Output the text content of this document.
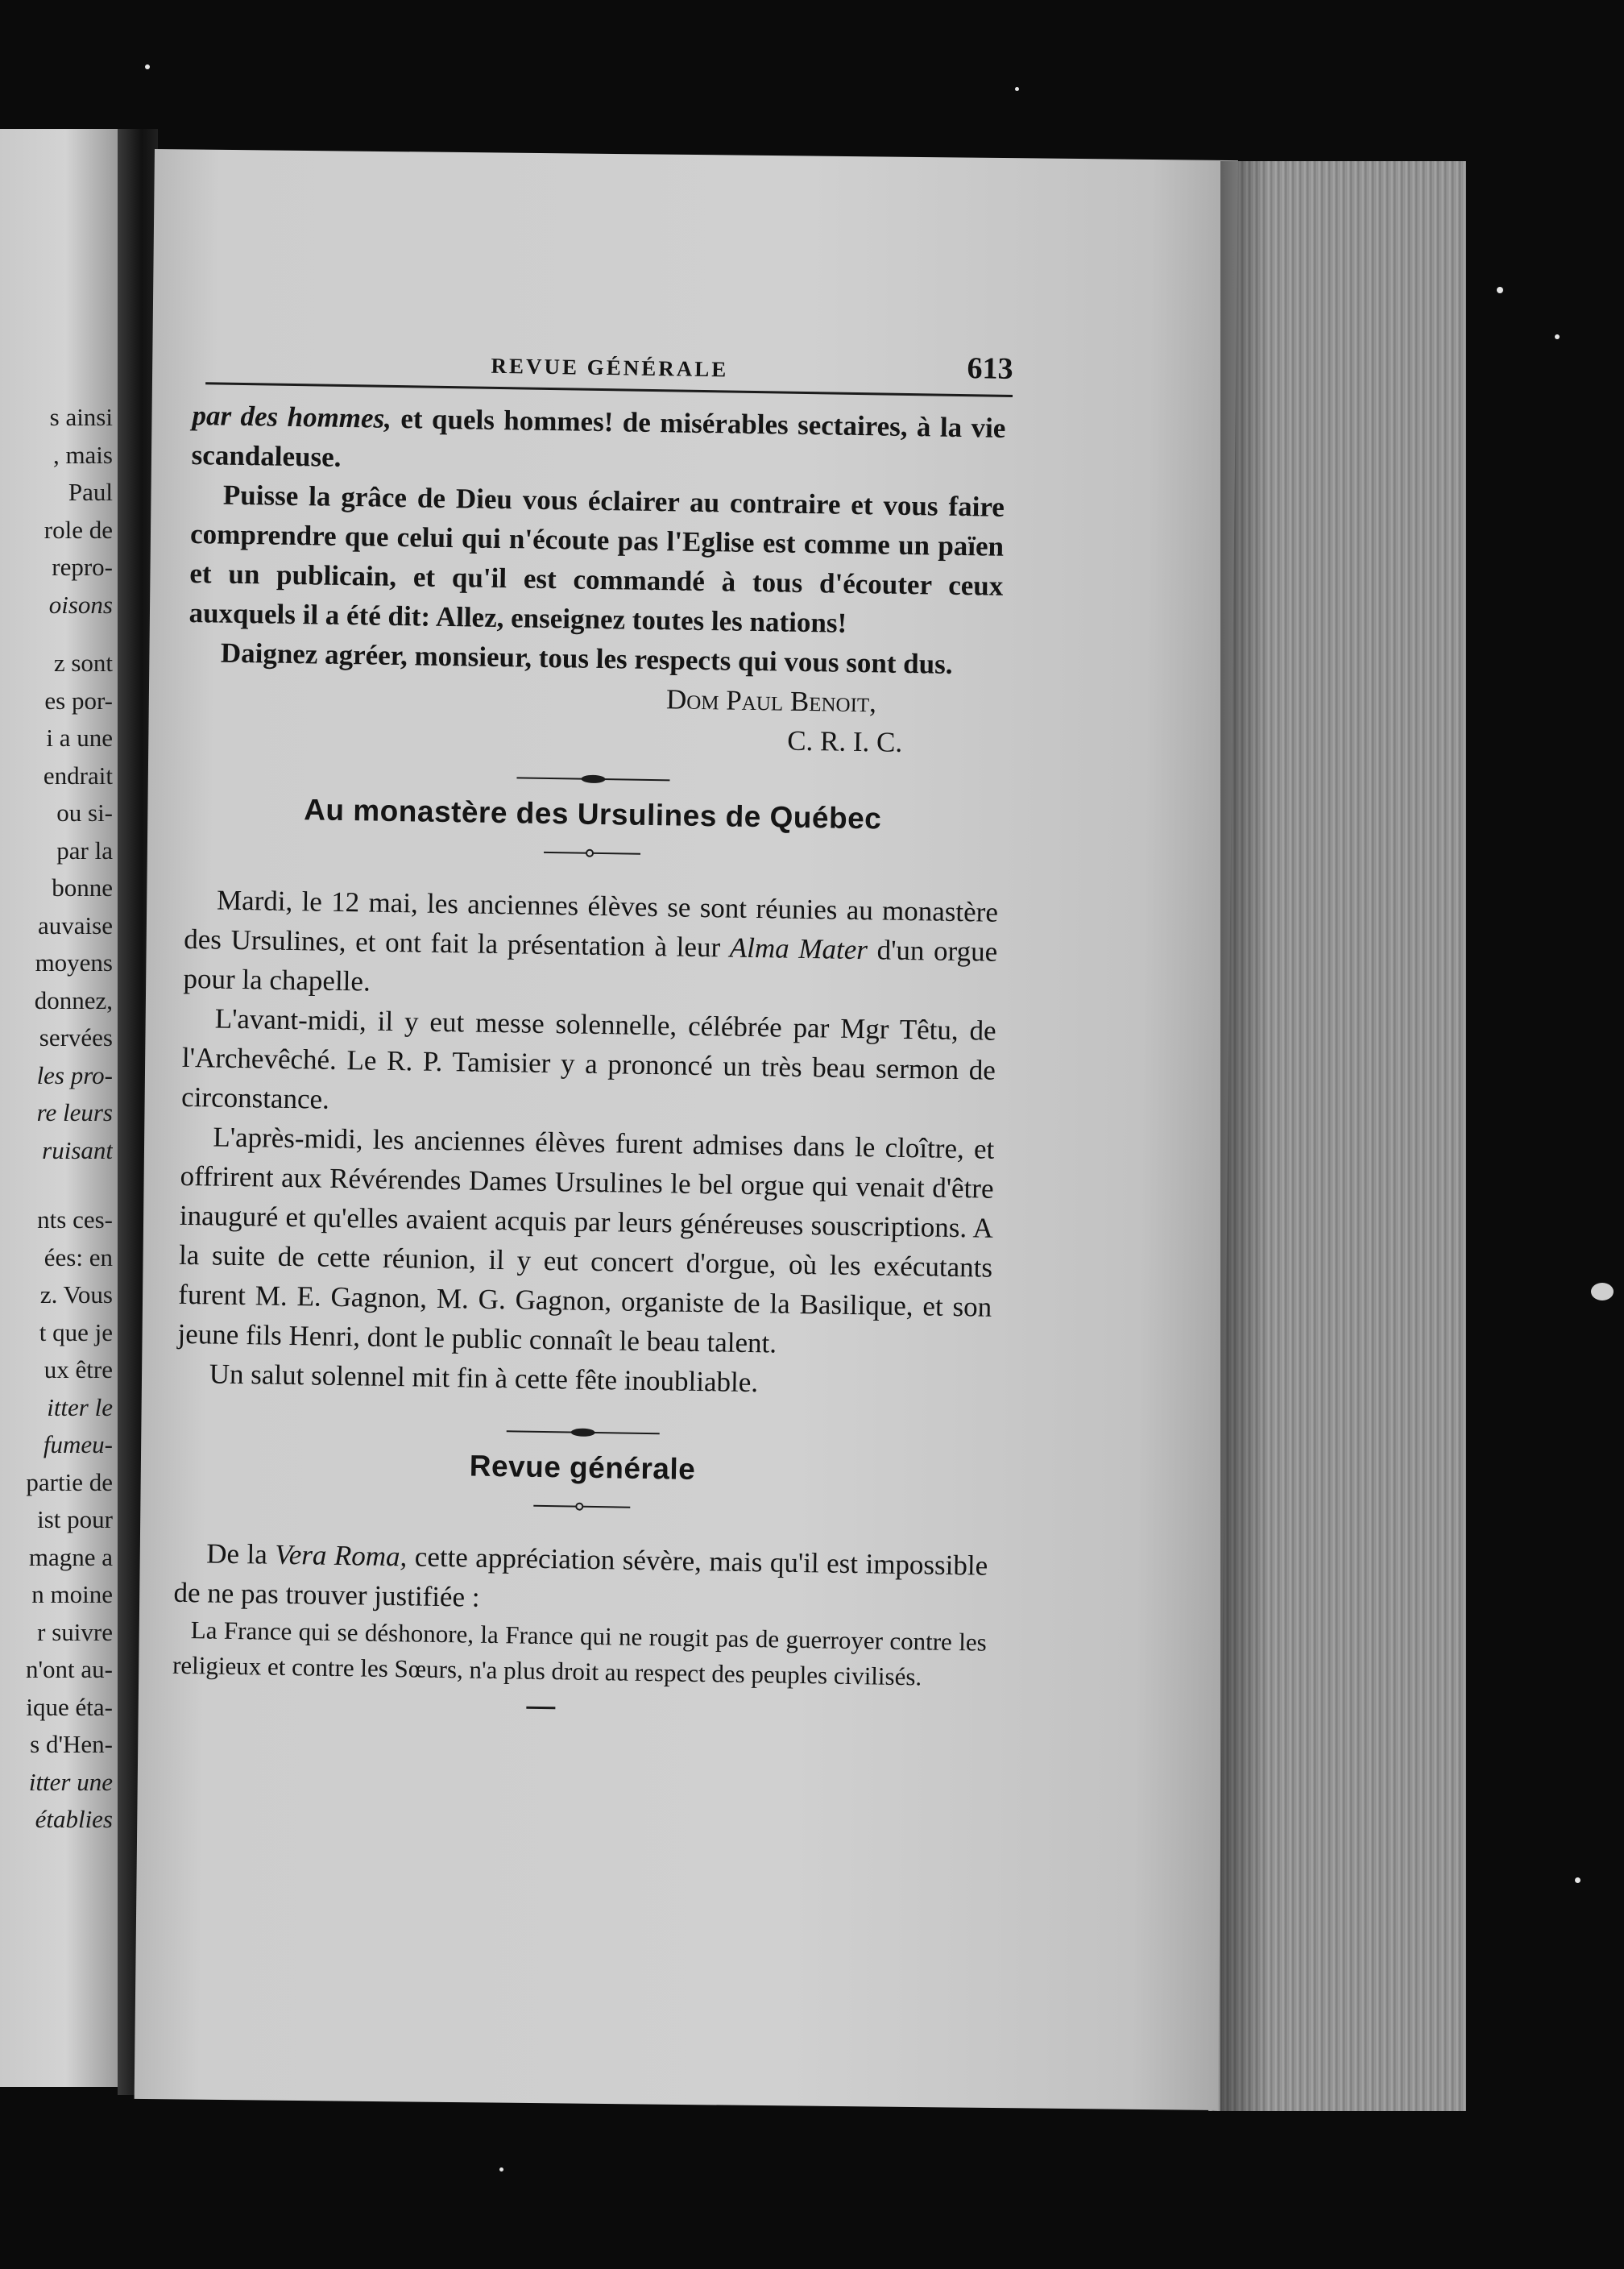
s ainsi
, mais
Paul
role de
repro-
oisons
z sont
es por-
i a une
endrait
ou si-
par la
bonne
auvaise
moyens
donnez,
servées
les pro-
re leurs
ruisant
nts ces-
ées: en
z. Vous
t que je
ux être
itter le
fumeu-
partie de
ist pour
magne a
n moine
r suivre
n'ont au-
ique éta-
s d'Hen-
itter une
établies
REVUE GÉNÉRALE	613

par des hommes, et quels hommes! de misérables sectaires, à la vie scandaleuse.

Puisse la grâce de Dieu vous éclairer au contraire et vous faire comprendre que celui qui n'écoute pas l'Eglise est comme un païen et un publicain, et qu'il est commandé à tous d'écouter ceux auxquels il a été dit: Allez, enseignez toutes les nations!

Daignez agréer, monsieur, tous les respects qui vous sont dus.

Dom Paul Benoit,
C. R. I. C.
Au monastère des Ursulines de Québec

Mardi, le 12 mai, les anciennes élèves se sont réunies au monastère des Ursulines, et ont fait la présentation à leur Alma Mater d'un orgue pour la chapelle.

L'avant-midi, il y eut messe solennelle, célébrée par Mgr Têtu, de l'Archevêché. Le R. P. Tamisier y a prononcé un très beau sermon de circonstance.

L'après-midi, les anciennes élèves furent admises dans le cloître, et offrirent aux Révérendes Dames Ursulines le bel orgue qui venait d'être inauguré et qu'elles avaient acquis par leurs généreuses souscriptions. A la suite de cette réunion, il y eut concert d'orgue, où les exécutants furent M. E. Gagnon, M. G. Gagnon, organiste de la Basilique, et son jeune fils Henri, dont le public connaît le beau talent.

Un salut solennel mit fin à cette fête inoubliable.

Revue générale

De la Vera Roma, cette appréciation sévère, mais qu'il est impossible de ne pas trouver justifiée :

La France qui se déshonore, la France qui ne rougit pas de guerroyer contre les religieux et contre les Sœurs, n'a plus droit au respect des peuples civilisés.
